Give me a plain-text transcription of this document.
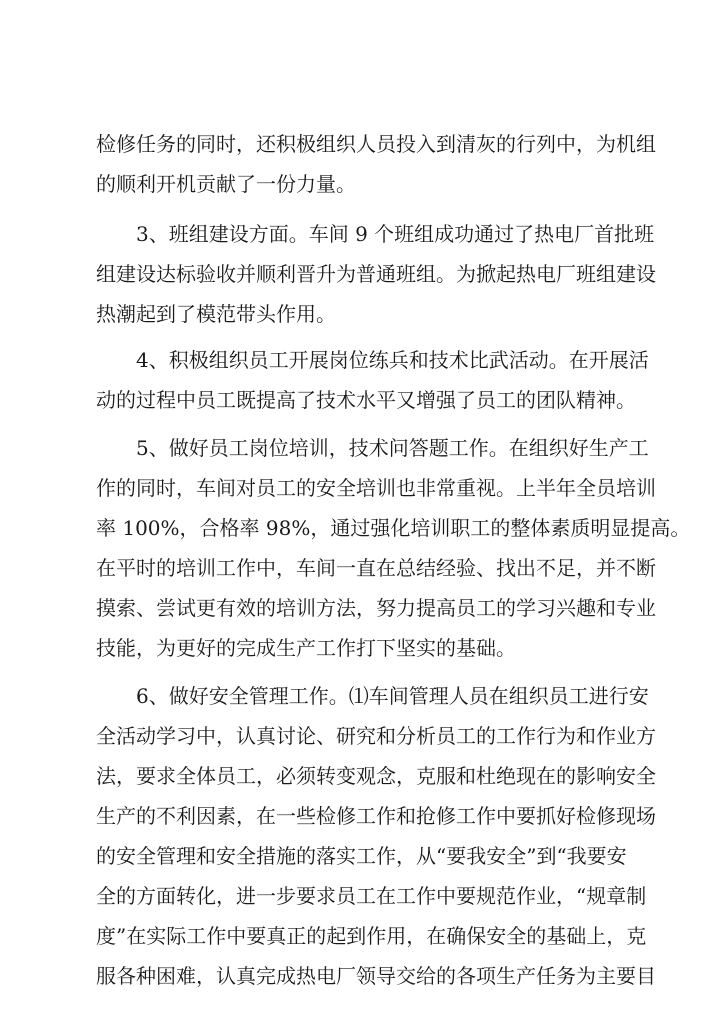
检修任务的同时，还积极组织人员投入到清灰的行列中，为机组
的顺利开机贡献了一份力量。
3、班组建设方面。车间 9 个班组成功通过了热电厂首批班
组建设达标验收并顺利晋升为普通班组。为掀起热电厂班组建设
热潮起到了模范带头作用。
4、积极组织员工开展岗位练兵和技术比武活动。在开展活
动的过程中员工既提高了技术水平又增强了员工的团队精神。
5、做好员工岗位培训，技术问答题工作。在组织好生产工
作的同时，车间对员工的安全培训也非常重视。上半年全员培训
率 100%，合格率 98%，通过强化培训职工的整体素质明显提高。
在平时的培训工作中，车间一直在总结经验、找出不足，并不断
摸索、尝试更有效的培训方法，努力提高员工的学习兴趣和专业
技能，为更好的完成生产工作打下坚实的基础。
6、做好安全管理工作。⑴车间管理人员在组织员工进行安
全活动学习中，认真讨论、研究和分析员工的工作行为和作业方
法，要求全体员工，必须转变观念，克服和杜绝现在的影响安全
生产的不利因素，在一些检修工作和抢修工作中要抓好检修现场
的安全管理和安全措施的落实工作，从“要我安全”到“我要安
全的方面转化，进一步要求员工在工作中要规范作业，“规章制
度”在实际工作中要真正的起到作用，在确保安全的基础上，克
服各种困难，认真完成热电厂领导交给的各项生产任务为主要目
